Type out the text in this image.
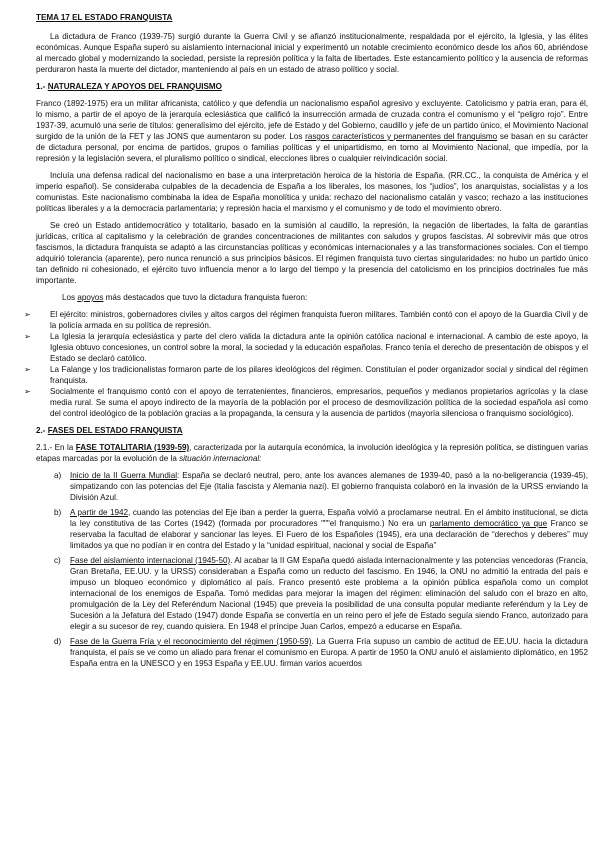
TEMA 17 EL ESTADO FRANQUISTA

La dictadura de Franco (1939-75) surgió durante la Guerra Civil y se afianzó institucionalmente, respaldada por el ejército, la Iglesia, y las élites económicas. Aunque España superó su aislamiento internacional inicial y experimentó un notable crecimiento económico desde los años 60, abriéndose al mercado global y modernizando la sociedad, persiste la represión política y la falta de libertades. Este estancamiento político y la ausencia de reformas perduraron hasta la muerte del dictador, manteniendo al país en un estado de atraso político y social.

1.- NATURALEZA Y APOYOS DEL FRANQUISMO

Franco (1892-1975) era un militar africanista, católico y que defendía un nacionalismo español agresivo y excluyente. Catolicismo y patria eran, para él, lo mismo, a partir de el apoyo de la jerarquía eclesiástica que calificó la insurrección armada de cruzada contra el comunismo y el “peligro rojo”. Entre 1937-39, acumuló una serie de títulos: generalísimo del ejército, jefe de Estado y del Gobierno, caudillo y jefe de un partido único, el Movimiento Nacional surgido de la unión de la FET y las JONS que aumentaron su poder. Los rasgos característicos y permanentes del franquismo se basan en su carácter de dictadura personal, por encima de partidos, grupos o familias políticas y el unipartidismo, en torno al Movimiento Nacional, que impedía, por la represión y la legislación severa, el pluralismo político o sindical, elecciones libres o cualquier reivindicación social.

Incluía una defensa radical del nacionalismo en base a una interpretación heroica de la historia de España. (RR.CC., la conquista de América y el imperio español). Se consideraba culpables de la decadencia de España a los liberales, los masones, los “judíos”, los anarquistas, socialistas y a los comunistas. Este nacionalismo combinaba la idea de España monolítica y unida: rechazo del nacionalismo catalán y vasco; rechazo a las instituciones políticas liberales y a la democracia parlamentaria; y represión hacia el marxismo y el comunismo y de todo el movimiento obrero.

Se creó un Estado antidemocrático y totalitario, basado en la sumisión al caudillo, la represión, la negación de libertades, la falta de garantías jurídicas, crítica al capitalismo y la celebración de grandes concentraciones de militantes con saludos y grupos fascistas. Al sobrevivir más que otros fascismos, la dictadura franquista se adaptó a las circunstancias políticas y económicas internacionales y a las transformaciones sociales. Con el tiempo adquirió tolerancia (aparente), pero nunca renunció a sus principios básicos. El régimen franquista tuvo ciertas singularidades: no hubo un partido único tan definido ni cohesionado, el ejército tuvo influencia menor a lo largo del tiempo y la presencia del catolicismo en los principios doctrinales fue más importante.

Los apoyos más destacados que tuvo la dictadura franquista fueron:
➢ El ejército: ministros, gobernadores civiles y altos cargos del régimen franquista fueron militares. También contó con el apoyo de la Guardia Civil y de la policía armada en su política de represión.
➢ La Iglesia la jerarquía eclesiástica y parte del clero valida la dictadura ante la opinión católica nacional e internacional. A cambio de este apoyo, la Iglesia obtuvo concesiones, un control sobre la moral, la sociedad y la educación españolas. Franco tenía el derecho de presentación de obispos y el Estado se declaró católico.
➢ La Falange y los tradicionalistas formaron parte de los pilares ideológicos del régimen. Constituían el poder organizador social y sindical del régimen franquista.
➢ Socialmente el franquismo contó con el apoyo de terratenientes, financieros, empresarios, pequeños y medianos propietarios agrícolas y la clase media rural. Se suma el apoyo indirecto de la mayoría de la población por el proceso de desmovilización política de la sociedad española así como del control ideológico de la población gracias a la propaganda, la censura y la ausencia de partidos (mayoría silenciosa o franquismo sociológico).
2.- FASES DEL ESTADO FRANQUISTA

2.1.- En la FASE TOTALITARIA (1939-59), caracterizada por la autarquía económica, la involución ideológica y la represión política, se distinguen varias etapas marcadas por la evolución de la situación internacional:

a) Inicio de la II Guerra Mundial: España se declaró neutral, pero, ante los avances alemanes de 1939-40, pasó a la no-beligerancia (1939-45), simpatizando con las potencias del Eje (Italia fascista y Alemania nazi). El gobierno franquista colaboró en la invasión de la URSS enviando la División Azul.
b) A partir de 1942, cuando las potencias del Eje iban a perder la guerra, España volvió a proclamarse neutral. En el ámbito institucional, se dicta la ley constitutiva de las Cortes (1942) (formada por procuradores """el franquismo.) No era un parlamento democrático ya que Franco se reservaba la facultad de elaborar y sancionar las leyes. El Fuero de los Españoles (1945), era una declaración de “derechos y deberes” muy limitados ya que no podían ir en contra del Estado y la “unidad espiritual, nacional y social de España”
c) Fase del aislamiento internacional (1945-50). Al acabar la II GM España quedó aislada internacionalmente y las potencias vencedoras (Francia, Gran Bretaña, EE.UU. y la URSS) consideraban a España como un reducto del fascismo. En 1946, la ONU no admitió la entrada del país e impuso un bloqueo económico y diplomático al país. Franco presentó este problema a la opinión pública española como un complot internacional de los enemigos de España. Tomó medidas para mejorar la imagen del régimen: eliminación del saludo con el brazo en alto, promulgación de la Ley del Referéndum Nacional (1945) que preveía la posibilidad de una consulta popular mediante referéndum y la Ley de Sucesión a la Jefatura del Estado (1947) donde España se convertía en un reino pero el jefe de Estado seguía siendo Franco, autorizado para elegir a su sucesor de rey, cuando quisiera. En 1948 el príncipe Juan Carlos, empezó a educarse en España.
d) Fase de la Guerra Fría y el reconocimiento del régimen (1950-59). La Guerra Fría supuso un cambio de actitud de EE.UU. hacia la dictadura franquista, el país se ve como un aliado para frenar el comunismo en Europa. A partir de 1950 la ONU anuló el aislamiento diplomático, en 1952 España entra en la UNESCO y en 1953 España y EE.UU. firman varios acuerdos
